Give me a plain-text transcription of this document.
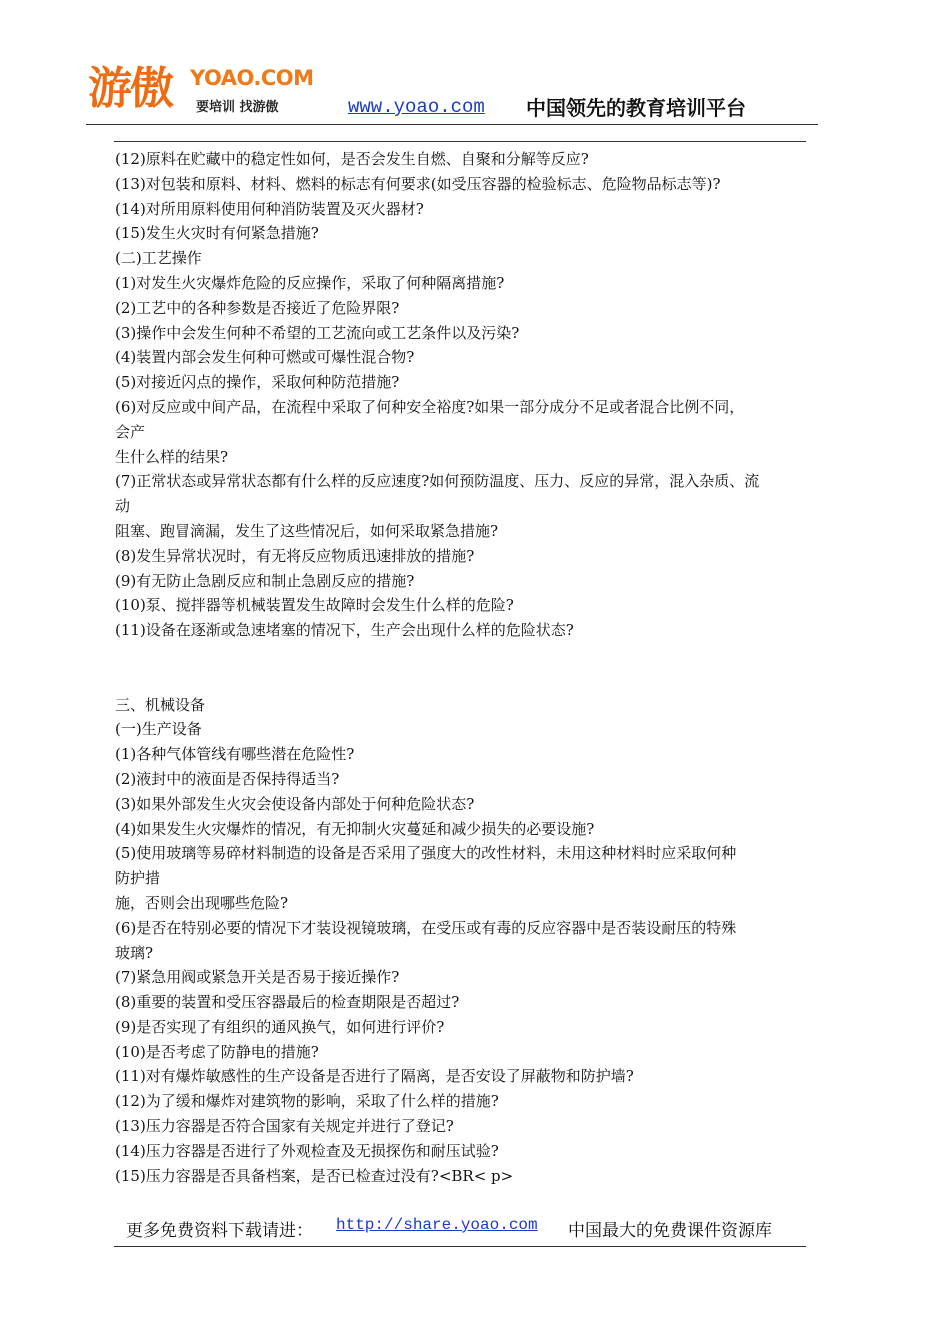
游傲 YOAO.COM
要培训 找游傲	www.yoao.com 中国领先的教育培训平台
(12)原料在贮藏中的稳定性如何，是否会发生自燃、自聚和分解等反应?
(13)对包装和原料、材料、燃料的标志有何要求(如受压容器的检验标志、危险物品标志等)?
(14)对所用原料使用何种消防装置及灭火器材?
(15)发生火灾时有何紧急措施?
(二)工艺操作
(1)对发生火灾爆炸危险的反应操作，采取了何种隔离措施?
(2)工艺中的各种参数是否接近了危险界限?
(3)操作中会发生何种不希望的工艺流向或工艺条件以及污染?
(4)装置内部会发生何种可燃或可爆性混合物?
(5)对接近闪点的操作，采取何种防范措施?
(6)对反应或中间产品，在流程中采取了何种安全裕度?如果一部分成分不足或者混合比例不同，
会产
生什么样的结果?
(7)正常状态或异常状态都有什么样的反应速度?如何预防温度、压力、反应的异常，混入杂质、流
动
阻塞、跑冒滴漏，发生了这些情况后，如何采取紧急措施?
(8)发生异常状况时，有无将反应物质迅速排放的措施?
(9)有无防止急剧反应和制止急剧反应的措施?
(10)泵、搅拌器等机械装置发生故障时会发生什么样的危险?
(11)设备在逐渐或急速堵塞的情况下，生产会出现什么样的危险状态?
三、机械设备
(一)生产设备
(1)各种气体管线有哪些潜在危险性?
(2)液封中的液面是否保持得适当?
(3)如果外部发生火灾会使设备内部处于何种危险状态?
(4)如果发生火灾爆炸的情况，有无抑制火灾蔓延和减少损失的必要设施?
(5)使用玻璃等易碎材料制造的设备是否采用了强度大的改性材料，未用这种材料时应采取何种
防护措
施，否则会出现哪些危险?
(6)是否在特别必要的情况下才装设视镜玻璃，在受压或有毒的反应容器中是否装设耐压的特殊
玻璃?
(7)紧急用阀或紧急开关是否易于接近操作?
(8)重要的装置和受压容器最后的检查期限是否超过?
(9)是否实现了有组织的通风换气，如何进行评价?
(10)是否考虑了防静电的措施?
(11)对有爆炸敏感性的生产设备是否进行了隔离，是否安设了屏蔽物和防护墙?
(12)为了缓和爆炸对建筑物的影响，采取了什么样的措施?
(13)压力容器是否符合国家有关规定并进行了登记?
(14)压力容器是否进行了外观检查及无损探伤和耐压试验?
(15)压力容器是否具备档案，是否已检查过没有?<BR< p>
更多免费资料下载请进： http://share.yoao.com 中国最大的免费课件资源库
